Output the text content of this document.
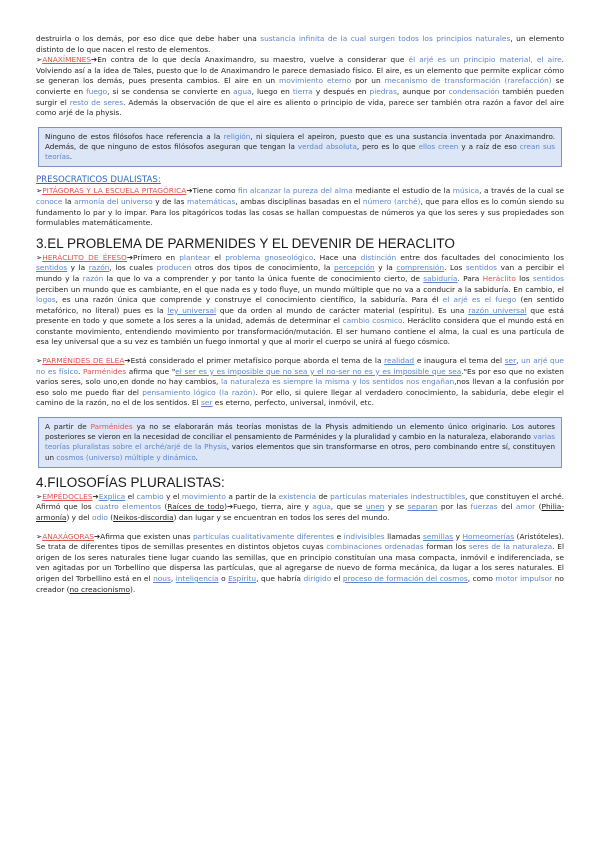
destruirla o los demás, por eso dice que debe haber una sustancia infinita de la cual surgen todos los principios naturales, un elemento distinto de lo que nacen el resto de elementos.

➢ANAXÍMENES➔En contra de lo que decía Anaximandro, su maestro, vuelve a considerar que él arjé es un principio material, el aire. Volviendo así a la idea de Tales, puesto que lo de Anaximandro le parece demasiado físico. El aire, es un elemento que permite explicar cómo se generan los demás, pues presenta cambios. El aire en un movimiento eterno por un mecanismo de transformación (rarefacción) se convierte en fuego, si se condensa se convierte en agua, luego en tierra y después en piedras, aunque por condensación también pueden surgir el resto de seres. Además la observación de que el aire es aliento o principio de vida, parece ser también otra razón a favor del aire como arjé de la physis.

Ninguno de estos filósofos hace referencia a la religión, ni siquiera el apeiron, puesto que es una sustancia inventada por Anaximandro. Además, de que ninguno de estos filósofos aseguran que tengan la verdad absoluta, pero es lo que ellos creen y a raíz de eso crean sus teorías.

PRESOCRATICOS DUALISTAS:

➢PITÁGORAS Y LA ESCUELA PITAGÓRICA➔Tiene como fin alcanzar la pureza del alma mediante el estudio de la música, a través de la cual se conoce la armonía del universo y de las matemáticas, ambas disciplinas basadas en el número (arché), que para ellos es lo común siendo su fundamento lo par y lo impar. Para los pitagóricos todas las cosas se hallan compuestas de números ya que los seres y sus propiedades son formulables matemáticamente.

3.EL PROBLEMA DE PARMENIDES Y EL DEVENIR DE HERACLITO

➢HERÁCLITO DE ÉFESO➔Primero en plantear el problema gnoseológico. Hace una distinción entre dos facultades del conocimiento los sentidos y la razón, los cuales producen otros dos tipos de conocimiento, la percepción y la comprensión. Los sentidos van a percibir el mundo y la razón la que lo va a comprender y por tanto la única fuente de conocimiento cierto, de sabiduría. Para Heráclito los sentidos perciben un mundo que es cambiante, en el que nada es y todo fluye, un mundo múltiple que no va a conducir a la sabiduría. En cambio, el logos, es una razón única que comprende y construye el conocimiento científico, la sabiduría. Para él el arjé es el fuego (en sentido metafórico, no literal) pues es la ley universal que da orden al mundo de carácter material (espíritu). Es una razón universal que está presente en todo y que somete a los seres a la unidad, además de determinar el cambio cosmico. Heráclito considera que el mundo está en constante movimiento, entendiendo movimiento por transformación/mutación. El ser humano contiene el alma, la cual es una partícula de esa ley universal que a su vez es también un fuego inmortal y que al morir el cuerpo se unirá al fuego cósmico.

➢PARMÉNIDES DE ELEA➔Está considerado el primer metafísico porque aborda el tema de la realidad e inaugura el tema del ser, un arjé que no es físico. Parménides afirma que "el ser es y es imposible que no sea y el no-ser no es y es imposible que sea."Es por eso que no existen varios seres, solo uno,en donde no hay cambios, la naturaleza es siempre la misma y los sentidos nos engañan,nos llevan a la confusión por eso solo me puedo fiar del pensamiento lógico (la razón). Por ello, si quiere llegar al verdadero conocimiento, la sabiduría, debe elegir el camino de la razón, no el de los sentidos. El ser es eterno, perfecto, universal, inmóvil, etc.

A partir de Parménides ya no se elaborarán más teorías monistas de la Physis admitiendo un elemento único originario. Los autores posteriores se vieron en la necesidad de conciliar el pensamiento de Parménides y la pluralidad y cambio en la naturaleza, elaborando varias teorías pluralistas sobre el arché/arjé de la Physis, varios elementos que sin transformarse en otros, pero combinando entre sí, constituyen un cosmos (universo) múltiple y dinámico.

4.FILOSOFÍAS PLURALISTAS:

➢EMPÉDOCLES➔Explica el cambio y el movimiento a partir de la existencia de partículas materiales indestructibles, que constituyen el arché. Afirmó que los cuatro elementos (Raíces de todo)➔Fuego, tierra, aire y agua, que se unen y se separan por las fuerzas del amor (Philia-armonía) y del odio (Neikos-discordia) dan lugar y se encuentran en todos los seres del mundo.

➢ANAXÁGORAS➔Afirma que existen unas partículas cualitativamente diferentes e indivisibles llamadas semillas y Homeomerías (Aristóteles). Se trata de diferentes tipos de semillas presentes en distintos objetos cuyas combinaciones ordenadas forman los seres de la naturaleza. El origen de los seres naturales tiene lugar cuando las semillas, que en principio constituían una masa compacta, inmóvil e indiferenciada, se ven agitadas por un Torbellino que dispersa las partículas, que al agregarse de nuevo de forma mecánica, da lugar a los seres naturales. El origen del Torbellino está en el nous, inteligencia o Espíritu, que habría dirigido el proceso de formación del cosmos, como motor impulsor no creador (no creacionismo).
